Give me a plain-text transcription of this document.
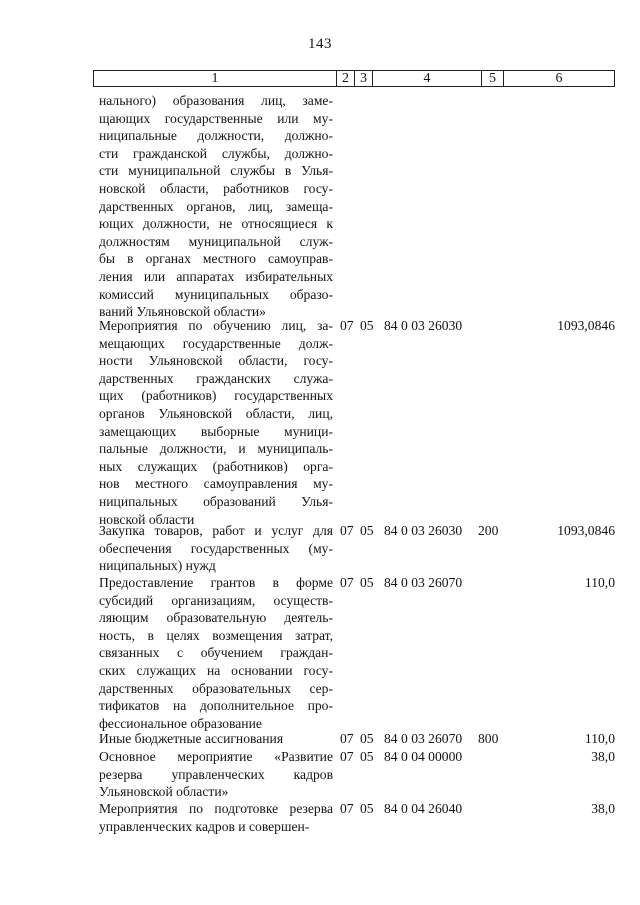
143
1	2 3	4	5	6
нального) образования лиц, заме-
щающих государственные или му-
ниципальные должности, должно-
сти гражданской службы, должно-
сти муниципальной службы в Улья-
новской области, работников госу-
дарственных органов, лиц, замеща-
ющих должности, не относящиеся к
должностям муниципальной служ-
бы в органах местного самоуправ-
ления или аппаратах избирательных
комиссий муниципальных образо-
ваний Ульяновской области»
Мероприятия по обучению лиц, за-
мещающих государственные долж-
ности Ульяновской области, госу-
дарственных гражданских служа-
щих (работников) государственных
органов Ульяновской области, лиц,
замещающих выборные муници-
пальные должности, и муниципаль-
ных служащих (работников) орга-
нов местного самоуправления му-
ниципальных образований Улья-
новской области
07 05 84 0 03 26030	1093,0846
Закупка товаров, работ и услуг для
обеспечения государственных (му-
ниципальных) нужд
07 05 84 0 03 26030	200	1093,0846
Предоставление грантов в форме
субсидий организациям, осуществ-
ляющим образовательную деятель-
ность, в целях возмещения затрат,
связанных с обучением граждан-
ских служащих на основании госу-
дарственных образовательных сер-
тификатов на дополнительное про-
фессиональное образование
07 05 84 0 03 26070	110,0
Иные бюджетные ассигнования	07 05 84 0 03 26070	800	110,0
Основное мероприятие «Развитие
резерва управленческих кадров
Ульяновской области»
07 05 84 0 04 00000	38,0
Мероприятия по подготовке резерва
управленческих кадров и совершен-
07 05 84 0 04 26040	38,0
